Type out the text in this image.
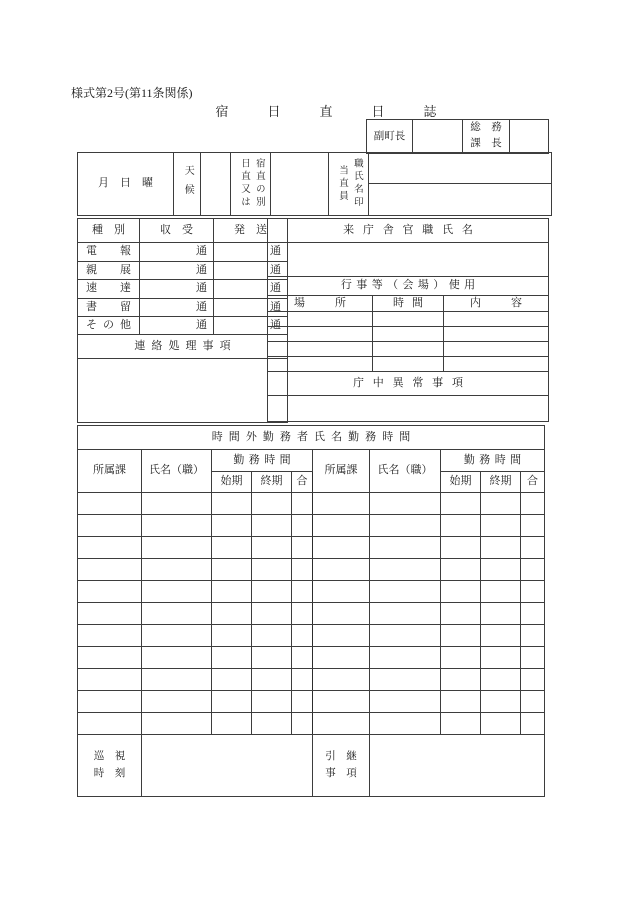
様式第2号(第11条関係)
宿日直日誌
副町長		
総　務
課　長

月　日　曜	天候		日直又は 宿直の別		当直員 職氏名印

種　別	収　受	発　送
電　報	通	通
親　展	通	通
速　達	通	通
書　留	通	通
その他	通	通
連絡処理事項		

来庁舎官職氏名		

行事等（会場）使用		
場所	時間	内容

庁中異常事項		

時間外勤務者氏名勤務時間									
所属課	氏名（職）	勤務時間			所属課	氏名（職）	勤務時間		
		始期	終期	合			始期	終期	合

巡　視
時　刻

引　継
事　項
